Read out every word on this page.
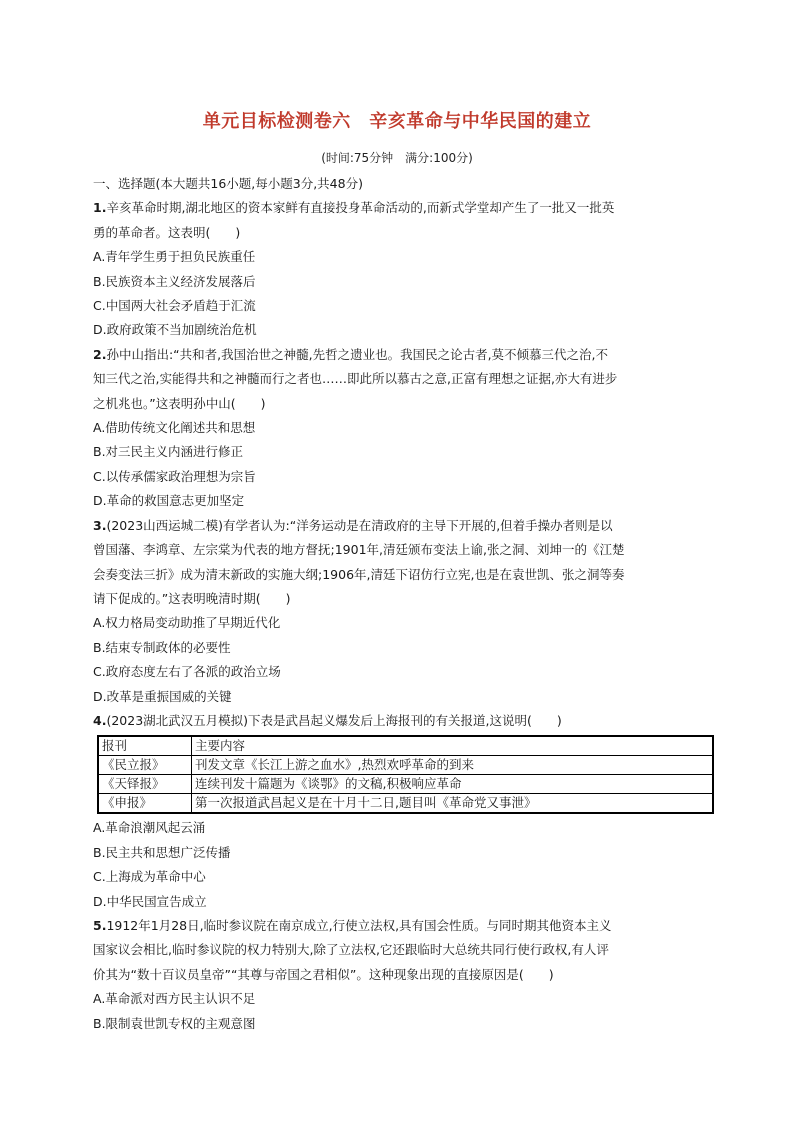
单元目标检测卷六　辛亥革命与中华民国的建立
(时间:75分钟　满分:100分)
一、选择题(本大题共16小题,每小题3分,共48分)
1.辛亥革命时期,湖北地区的资本家鲜有直接投身革命活动的,而新式学堂却产生了一批又一批英
勇的革命者。这表明(　　)
A.青年学生勇于担负民族重任
B.民族资本主义经济发展落后
C.中国两大社会矛盾趋于汇流
D.政府政策不当加剧统治危机
2.孙中山指出:“共和者,我国治世之神髓,先哲之遗业也。我国民之论古者,莫不倾慕三代之治,不
知三代之治,实能得共和之神髓而行之者也……即此所以慕古之意,正富有理想之证据,亦大有进步
之机兆也。”这表明孙中山(　　)
A.借助传统文化阐述共和思想
B.对三民主义内涵进行修正
C.以传承儒家政治理想为宗旨
D.革命的救国意志更加坚定
3.(2023山西运城二模)有学者认为:“洋务运动是在清政府的主导下开展的,但着手操办者则是以
曾国藩、李鸿章、左宗棠为代表的地方督抚;1901年,清廷颁布变法上谕,张之洞、刘坤一的《江楚
会奏变法三折》成为清末新政的实施大纲;1906年,清廷下诏仿行立宪,也是在袁世凯、张之洞等奏
请下促成的。”这表明晚清时期(　　)
A.权力格局变动助推了早期近代化
B.结束专制政体的必要性
C.政府态度左右了各派的政治立场
D.改革是重振国威的关键
4.(2023湖北武汉五月模拟)下表是武昌起义爆发后上海报刊的有关报道,这说明(　　)
报刊	主要内容
《民立报》	刊发文章《长江上游之血水》,热烈欢呼革命的到来
《天铎报》	连续刊发十篇题为《谈鄂》的文稿,积极响应革命
《申报》	第一次报道武昌起义是在十月十二日,题目叫《革命党又事泄》
A.革命浪潮风起云涌
B.民主共和思想广泛传播
C.上海成为革命中心
D.中华民国宣告成立
5.1912年1月28日,临时参议院在南京成立,行使立法权,具有国会性质。与同时期其他资本主义
国家议会相比,临时参议院的权力特别大,除了立法权,它还跟临时大总统共同行使行政权,有人评
价其为“数十百议员皇帝”“其尊与帝国之君相似”。这种现象出现的直接原因是(　　)
A.革命派对西方民主认识不足
B.限制袁世凯专权的主观意图
